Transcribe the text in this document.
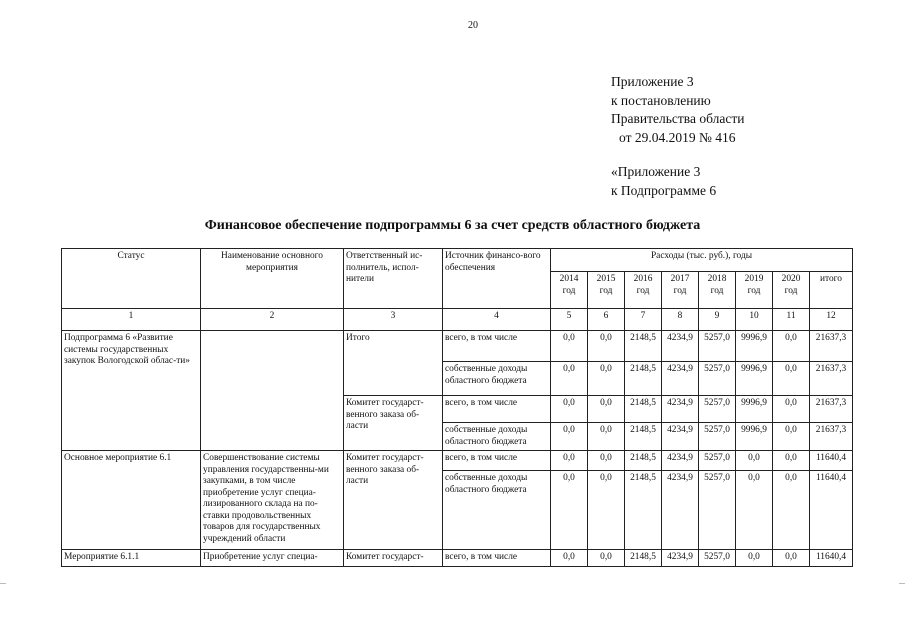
20
Приложение 3
к постановлению
Правительства области
от 29.04.2019 № 416
«Приложение 3
к Подпрограмме 6
Финансовое обеспечение подпрограммы 6 за счет средств областного бюджета
Статус	Наименование основного мероприятия	Ответственный ис-полнитель, испол-нители	Источник финансо-вого обеспечения	Расходы (тыс. руб.), годы							
				2014 год	2015 год	2016 год	2017 год	2018 год	2019 год	2020 год	итого
1	2	3	4	5	6	7	8	9	10	11	12
Подпрограмма 6 «Развитие системы государственных закупок Вологодской облас-ти»		Итого	всего, в том числе	0,0	0,0	2148,5	4234,9	5257,0	9996,9	0,0	21637,3
			собственные доходы областного бюджета	0,0	0,0	2148,5	4234,9	5257,0	9996,9	0,0	21637,3
		Комитет государст-венного заказа об-ласти	всего, в том числе	0,0	0,0	2148,5	4234,9	5257,0	9996,9	0,0	21637,3
			собственные доходы областного бюджета	0,0	0,0	2148,5	4234,9	5257,0	9996,9	0,0	21637,3
Основное мероприятие 6.1	Совершенствование системы управления государственны-ми закупками, в том числе приобретение услуг специа-лизированного склада на по-ставки продовольственных товаров для государственных учреждений области	Комитет государст-венного заказа об-ласти	всего, в том числе	0,0	0,0	2148,5	4234,9	5257,0	0,0	0,0	11640,4
			собственные доходы областного бюджета	0,0	0,0	2148,5	4234,9	5257,0	0,0	0,0	11640,4
Мероприятие 6.1.1	Приобретение услуг специа-	Комитет государст-	всего, в том числе	0,0	0,0	2148,5	4234,9	5257,0	0,0	0,0	11640,4
